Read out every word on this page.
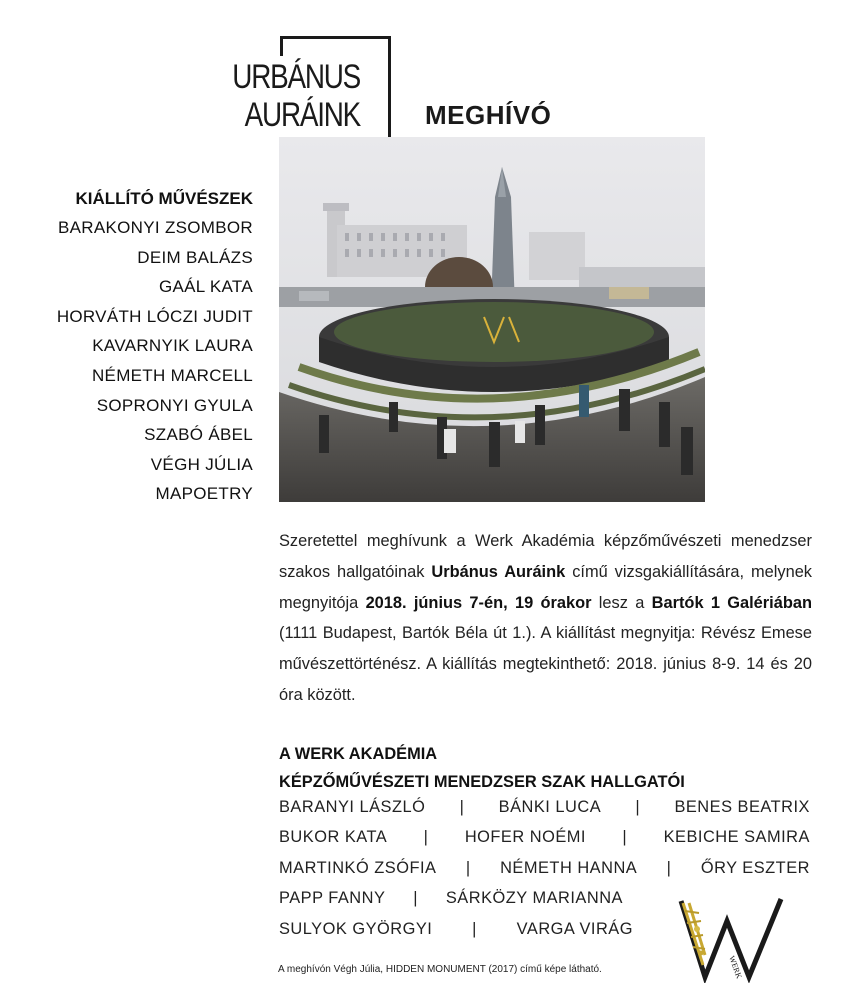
URBÁNUS
AURÁINK	MEGHÍVÓ
KIÁLLÍTÓ MŰVÉSZEK
BARAKONYI ZSOMBOR
DEIM BALÁZS
GAÁL KATA
HORVÁTH LÓCZI JUDIT
KAVARNYIK LAURA
NÉMETH MARCELL
SOPRONYI GYULA
SZABÓ ÁBEL
VÉGH JÚLIA
MAPOETRY
Szeretettel meghívunk a Werk Akadémia képzőművészeti menedzser szakos hallgatóinak Urbánus Auráink című vizsgakiállítására, melynek megnyitója 2018. június 7-én, 19 órakor lesz a Bartók 1 Galériában (1111 Budapest, Bartók Béla út 1.). A kiállítást megnyitja: Révész Emese művészettörténész. A kiállítás megtekinthető: 2018. június 8-9. 14 és 20 óra között.
A WERK AKADÉMIA
KÉPZŐMŰVÉSZETI MENEDZSER SZAK HALLGATÓI
BARANYI LÁSZLÓ | BÁNKI LUCA | BENES BEATRIX
BUKOR KATA | HOFER NOÉMI | KEBICHE SAMIRA
MARTINKÓ ZSÓFIA | NÉMETH HANNA | ŐRY ESZTER
PAPP FANNY | SÁRKÖZY MARIANNA
SULYOK GYÖRGYI | VARGA VIRÁG
A meghívón Végh Júlia, HIDDEN MONUMENT (2017) című képe látható.	WERK
